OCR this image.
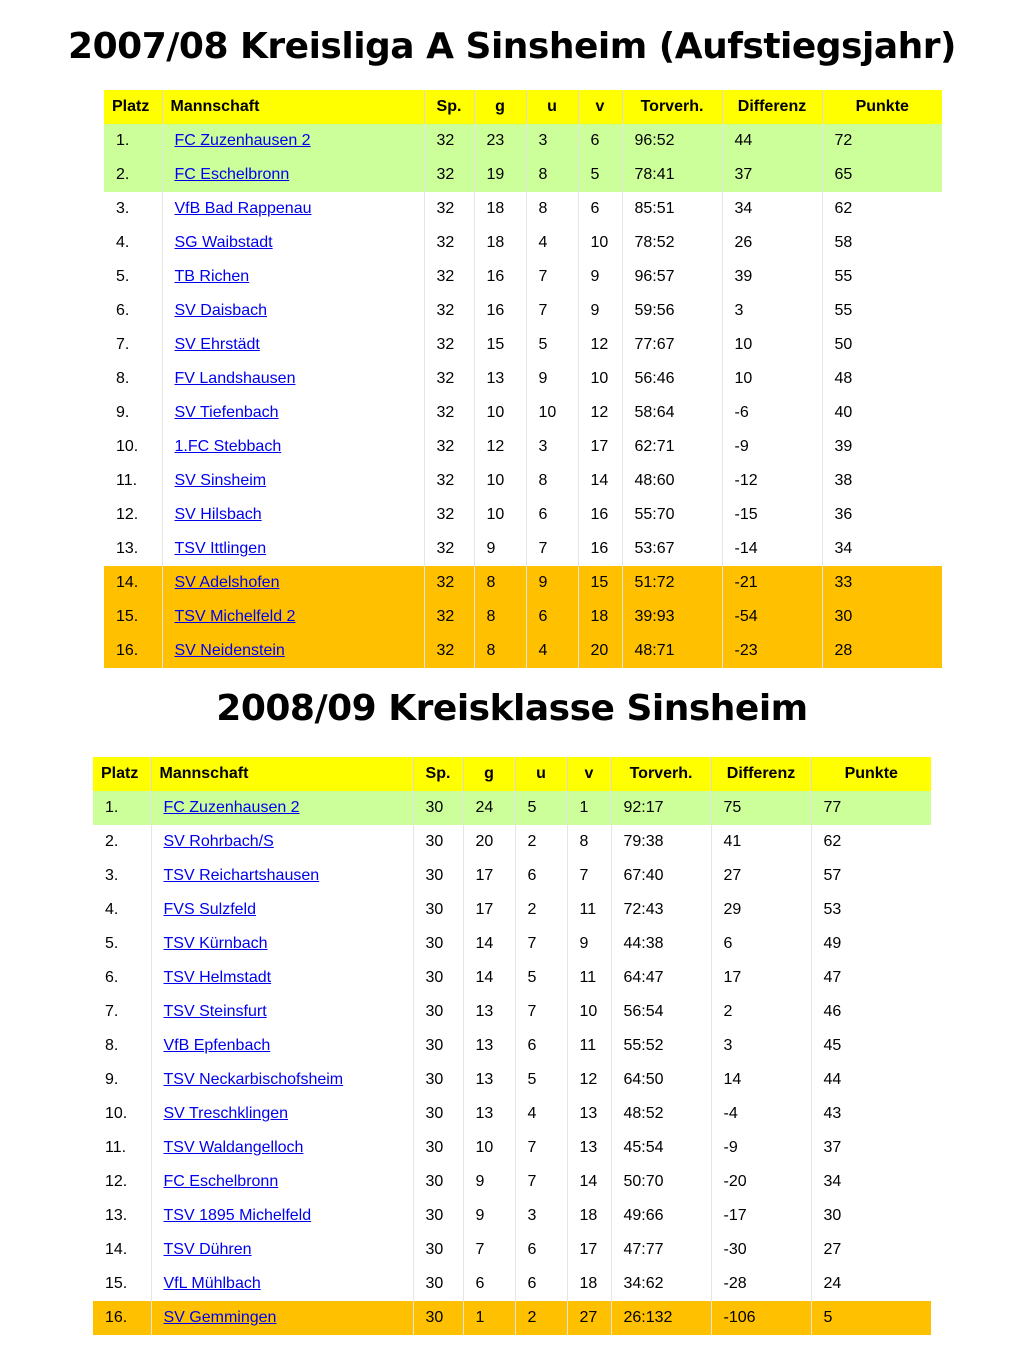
2007/08 Kreisliga A Sinsheim (Aufstiegsjahr)
Platz	Mannschaft	Sp.	g	u	v	Torverh.	Differenz	Punkte
1.	FC Zuzenhausen 2	32	23	3	6	96:52	44	72
2.	FC Eschelbronn	32	19	8	5	78:41	37	65
3.	VfB Bad Rappenau	32	18	8	6	85:51	34	62
4.	SG Waibstadt	32	18	4	10	78:52	26	58
5.	TB Richen	32	16	7	9	96:57	39	55
6.	SV Daisbach	32	16	7	9	59:56	3	55
7.	SV Ehrstädt	32	15	5	12	77:67	10	50
8.	FV Landshausen	32	13	9	10	56:46	10	48
9.	SV Tiefenbach	32	10	10	12	58:64	-6	40
10.	1.FC Stebbach	32	12	3	17	62:71	-9	39
11.	SV Sinsheim	32	10	8	14	48:60	-12	38
12.	SV Hilsbach	32	10	6	16	55:70	-15	36
13.	TSV Ittlingen	32	9	7	16	53:67	-14	34
14.	SV Adelshofen	32	8	9	15	51:72	-21	33
15.	TSV Michelfeld 2	32	8	6	18	39:93	-54	30
16.	SV Neidenstein	32	8	4	20	48:71	-23	28
2008/09 Kreisklasse Sinsheim
Platz	Mannschaft	Sp.	g	u	v	Torverh.	Differenz	Punkte
1.	FC Zuzenhausen 2	30	24	5	1	92:17	75	77
2.	SV Rohrbach/S	30	20	2	8	79:38	41	62
3.	TSV Reichartshausen	30	17	6	7	67:40	27	57
4.	FVS Sulzfeld	30	17	2	11	72:43	29	53
5.	TSV Kürnbach	30	14	7	9	44:38	6	49
6.	TSV Helmstadt	30	14	5	11	64:47	17	47
7.	TSV Steinsfurt	30	13	7	10	56:54	2	46
8.	VfB Epfenbach	30	13	6	11	55:52	3	45
9.	TSV Neckarbischofsheim	30	13	5	12	64:50	14	44
10.	SV Treschklingen	30	13	4	13	48:52	-4	43
11.	TSV Waldangelloch	30	10	7	13	45:54	-9	37
12.	FC Eschelbronn	30	9	7	14	50:70	-20	34
13.	TSV 1895 Michelfeld	30	9	3	18	49:66	-17	30
14.	TSV Dühren	30	7	6	17	47:77	-30	27
15.	VfL Mühlbach	30	6	6	18	34:62	-28	24
16.	SV Gemmingen	30	1	2	27	26:132	-106	5
